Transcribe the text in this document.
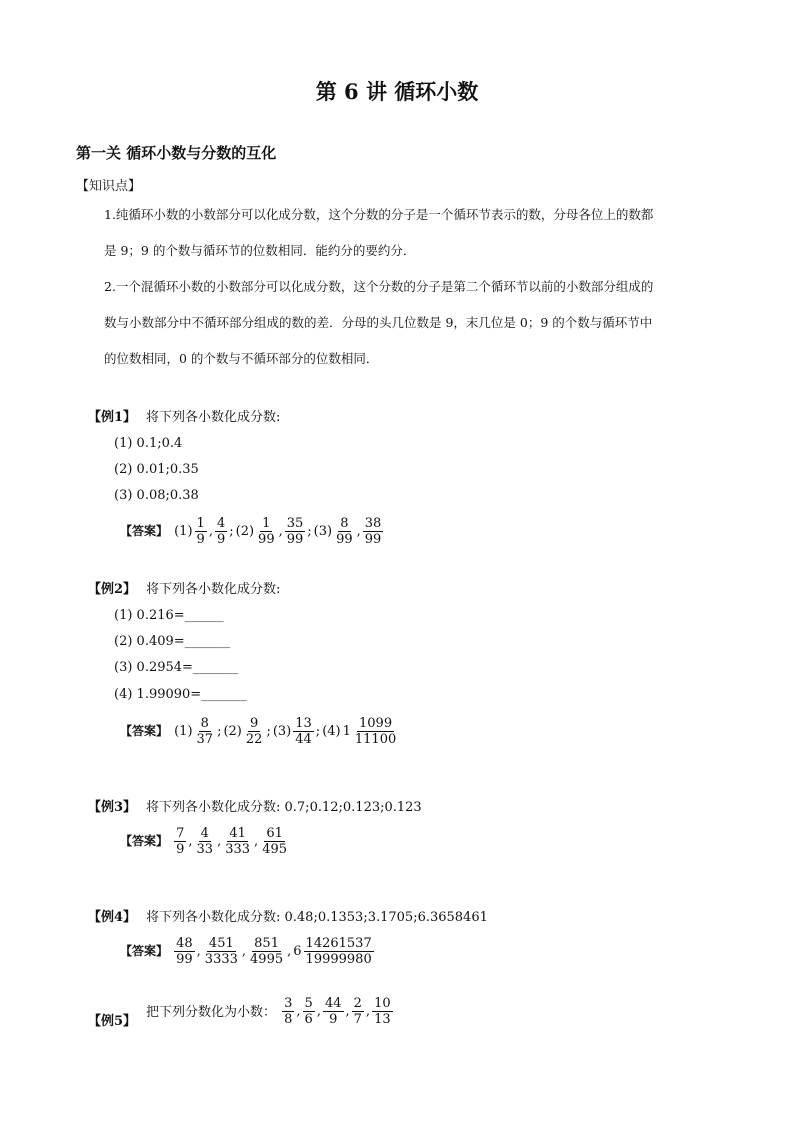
第 6 讲 循环小数
第一关 循环小数与分数的互化
【知识点】
1.纯循环小数的小数部分可以化成分数，这个分数的分子是一个循环节表示的数，分母各位上的数都
是 9；9 的个数与循环节的位数相同．能约分的要约分．
2.一个混循环小数的小数部分可以化成分数，这个分数的分子是第二个循环节以前的小数部分组成的
数与小数部分中不循环部分组成的数的差．分母的头几位数是 9，末几位是 0；9 的个数与循环节中
的位数相同，0 的个数与不循环部分的位数相同．
【例1】 将下列各小数化成分数:
(1) 0.1;0.4
(2) 0.01;0.35
(3) 0.08;0.38
【答案】 $(1) \frac{1}{9}$ , $\frac{4}{9}$ ; $(2) \frac{1}{99}$ , $\frac{35}{99}$ ; $(3) \frac{8}{99}$ , $\frac{38}{99}$
【例2】 将下列各小数化成分数:
(1) 0.216=______
(2) 0.409=_______
(3) 0.2954=_______
(4) 1.99090=_______
【答案】 $(1) \frac{8}{37}$ ; $(2) \frac{9}{22}$ ; $(3) \frac{13}{44}$ ; (4) $1 \frac{1099}{11100}$
【例3】 将下列各小数化成分数: 0.7;0.12;0.123;0.123
【答案】 $\frac{7}{9}$ , $\frac{4}{33}$ , $\frac{41}{333}$ , $\frac{61}{495}$
【例4】 将下列各小数化成分数: 0.48;0.1353;3.1705;6.3658461
【答案】 $\frac{48}{99}$ , $\frac{451}{3333}$ , $\frac{851}{4995}$ , $6 \frac{14261537}{19999980}$
【例5】
把下列分数化为小数： $\frac{3}{8}$ , $\frac{5}{6}$ , $\frac{44}{9}$ , $\frac{2}{7}$ , $\frac{10}{13}$
